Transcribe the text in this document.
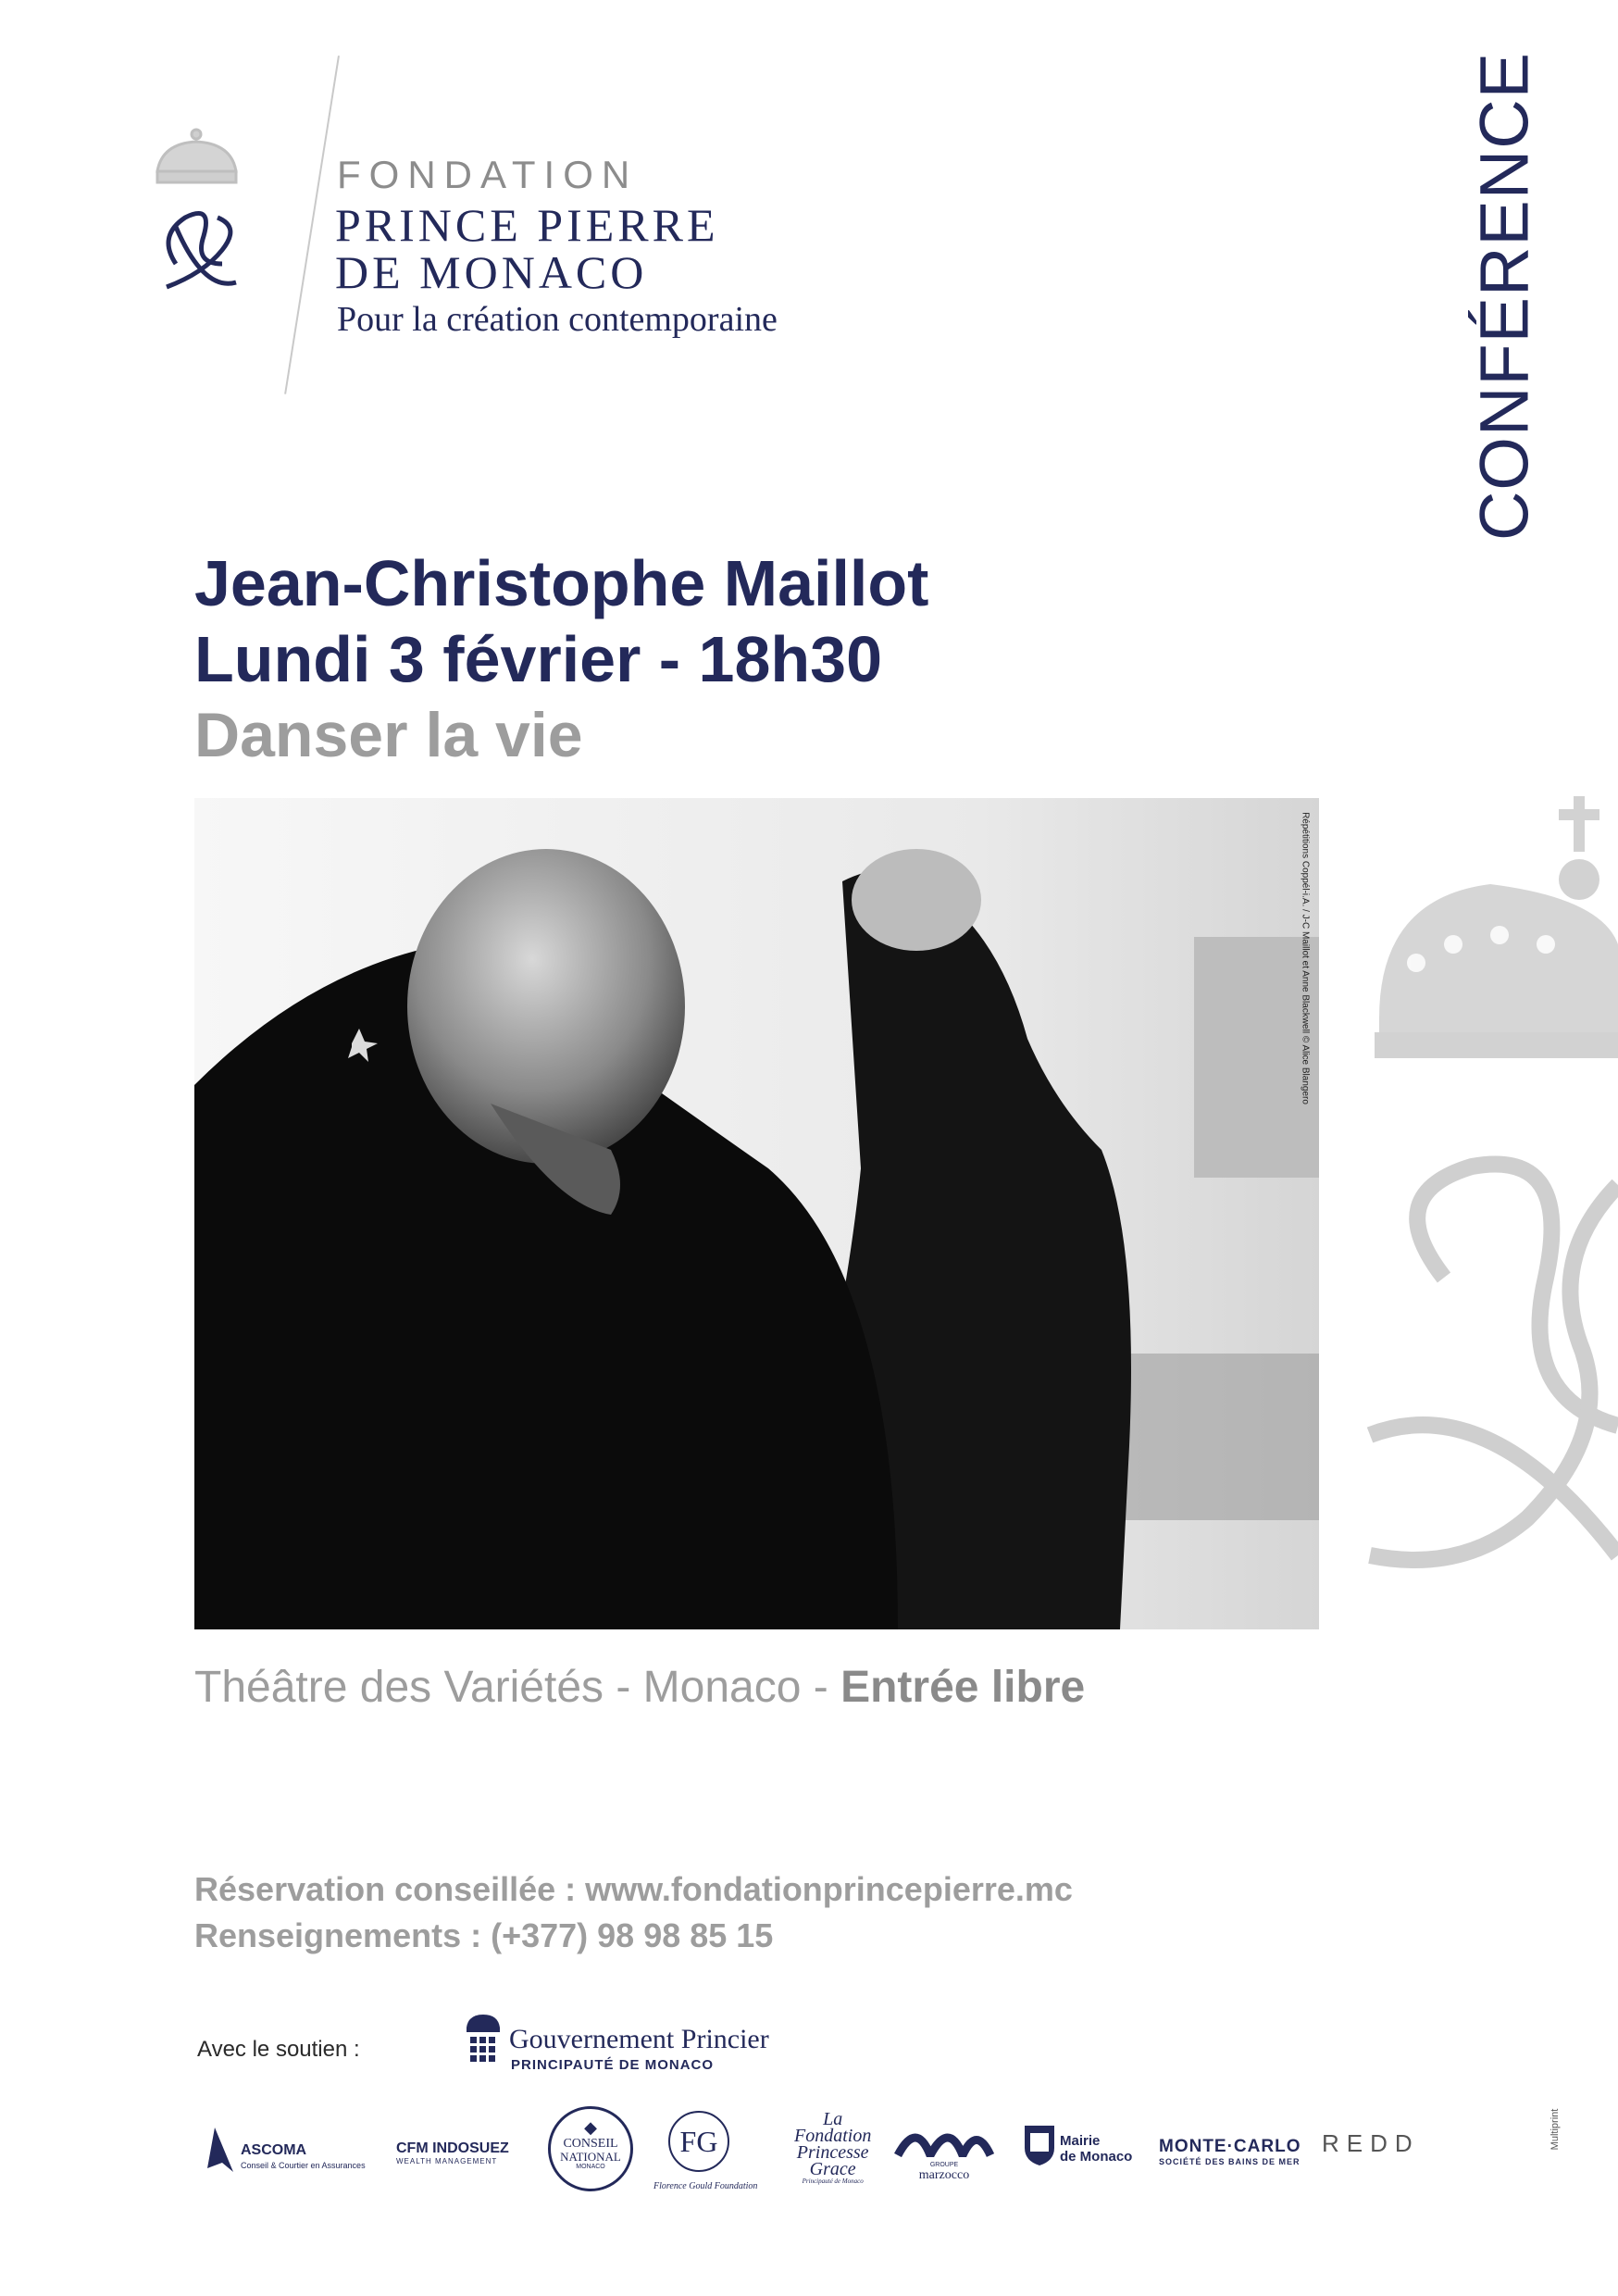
FONDATION
PRINCE PIERRE
DE MONACO
Pour la création contemporaine	CONFÉRENCE
Jean-Christophe Maillot
Lundi 3 février - 18h30
Danser la vie
Répétitions Coppél-i.A. / J-C Maillot et Anne Blackwell © Alice Blangero
Théâtre des Variétés - Monaco - Entrée libre
Réservation conseillée : www.fondationprincepierre.mc
Renseignements : (+377) 98 98 85 15
Avec le soutien :	Gouvernement Princier
PRINCIPAUTÉ DE MONACO
ASCOMA
Conseil & Courtier en Assurances
CFM INDOSUEZ
WEALTH MANAGEMENT
◆
CONSEIL
NATIONAL
MONACO
FG
Florence Gould Foundation
La
Fondation
Princesse
Grace
Principauté de Monaco
GROUPE
marzocco
Mairie
de Monaco
MONTE·CARLO
SOCIÉTÉ DES BAINS DE MER
REDD	Multiprint
